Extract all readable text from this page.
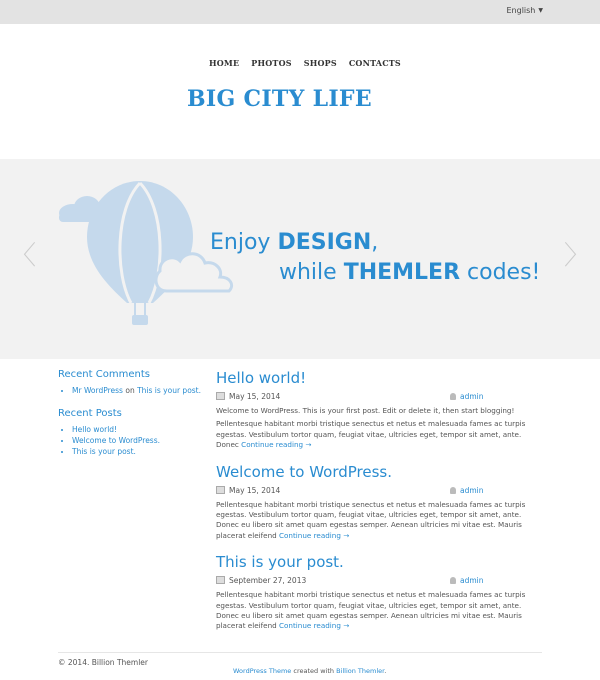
English ▼
HOME PHOTOS SHOPS CONTACTS
BIG CITY LIFE
Enjoy DESIGN,
while THEMLER codes!
〈	〉
Recent Comments
• Mr WordPress on This is your post.
Recent Posts
• Hello world!
• Welcome to WordPress.
• This is your post.
Hello world!
May 15, 2014	admin

Welcome to WordPress. This is your first post. Edit or delete it, then start blogging!

Pellentesque habitant morbi tristique senectus et netus et malesuada fames ac turpis egestas. Vestibulum tortor quam, feugiat vitae, ultricies eget, tempor sit amet, ante. Donec Continue reading →

Welcome to WordPress.
May 15, 2014	admin

Pellentesque habitant morbi tristique senectus et netus et malesuada fames ac turpis egestas. Vestibulum tortor quam, feugiat vitae, ultricies eget, tempor sit amet, ante. Donec eu libero sit amet quam egestas semper. Aenean ultricies mi vitae est. Mauris placerat eleifend Continue reading →

This is your post.
September 27, 2013	admin

Pellentesque habitant morbi tristique senectus et netus et malesuada fames ac turpis egestas. Vestibulum tortor quam, feugiat vitae, ultricies eget, tempor sit amet, ante. Donec eu libero sit amet quam egestas semper. Aenean ultricies mi vitae est. Mauris placerat eleifend Continue reading →

© 2014. Billion Themler
WordPress Theme created with Billion Themler.
